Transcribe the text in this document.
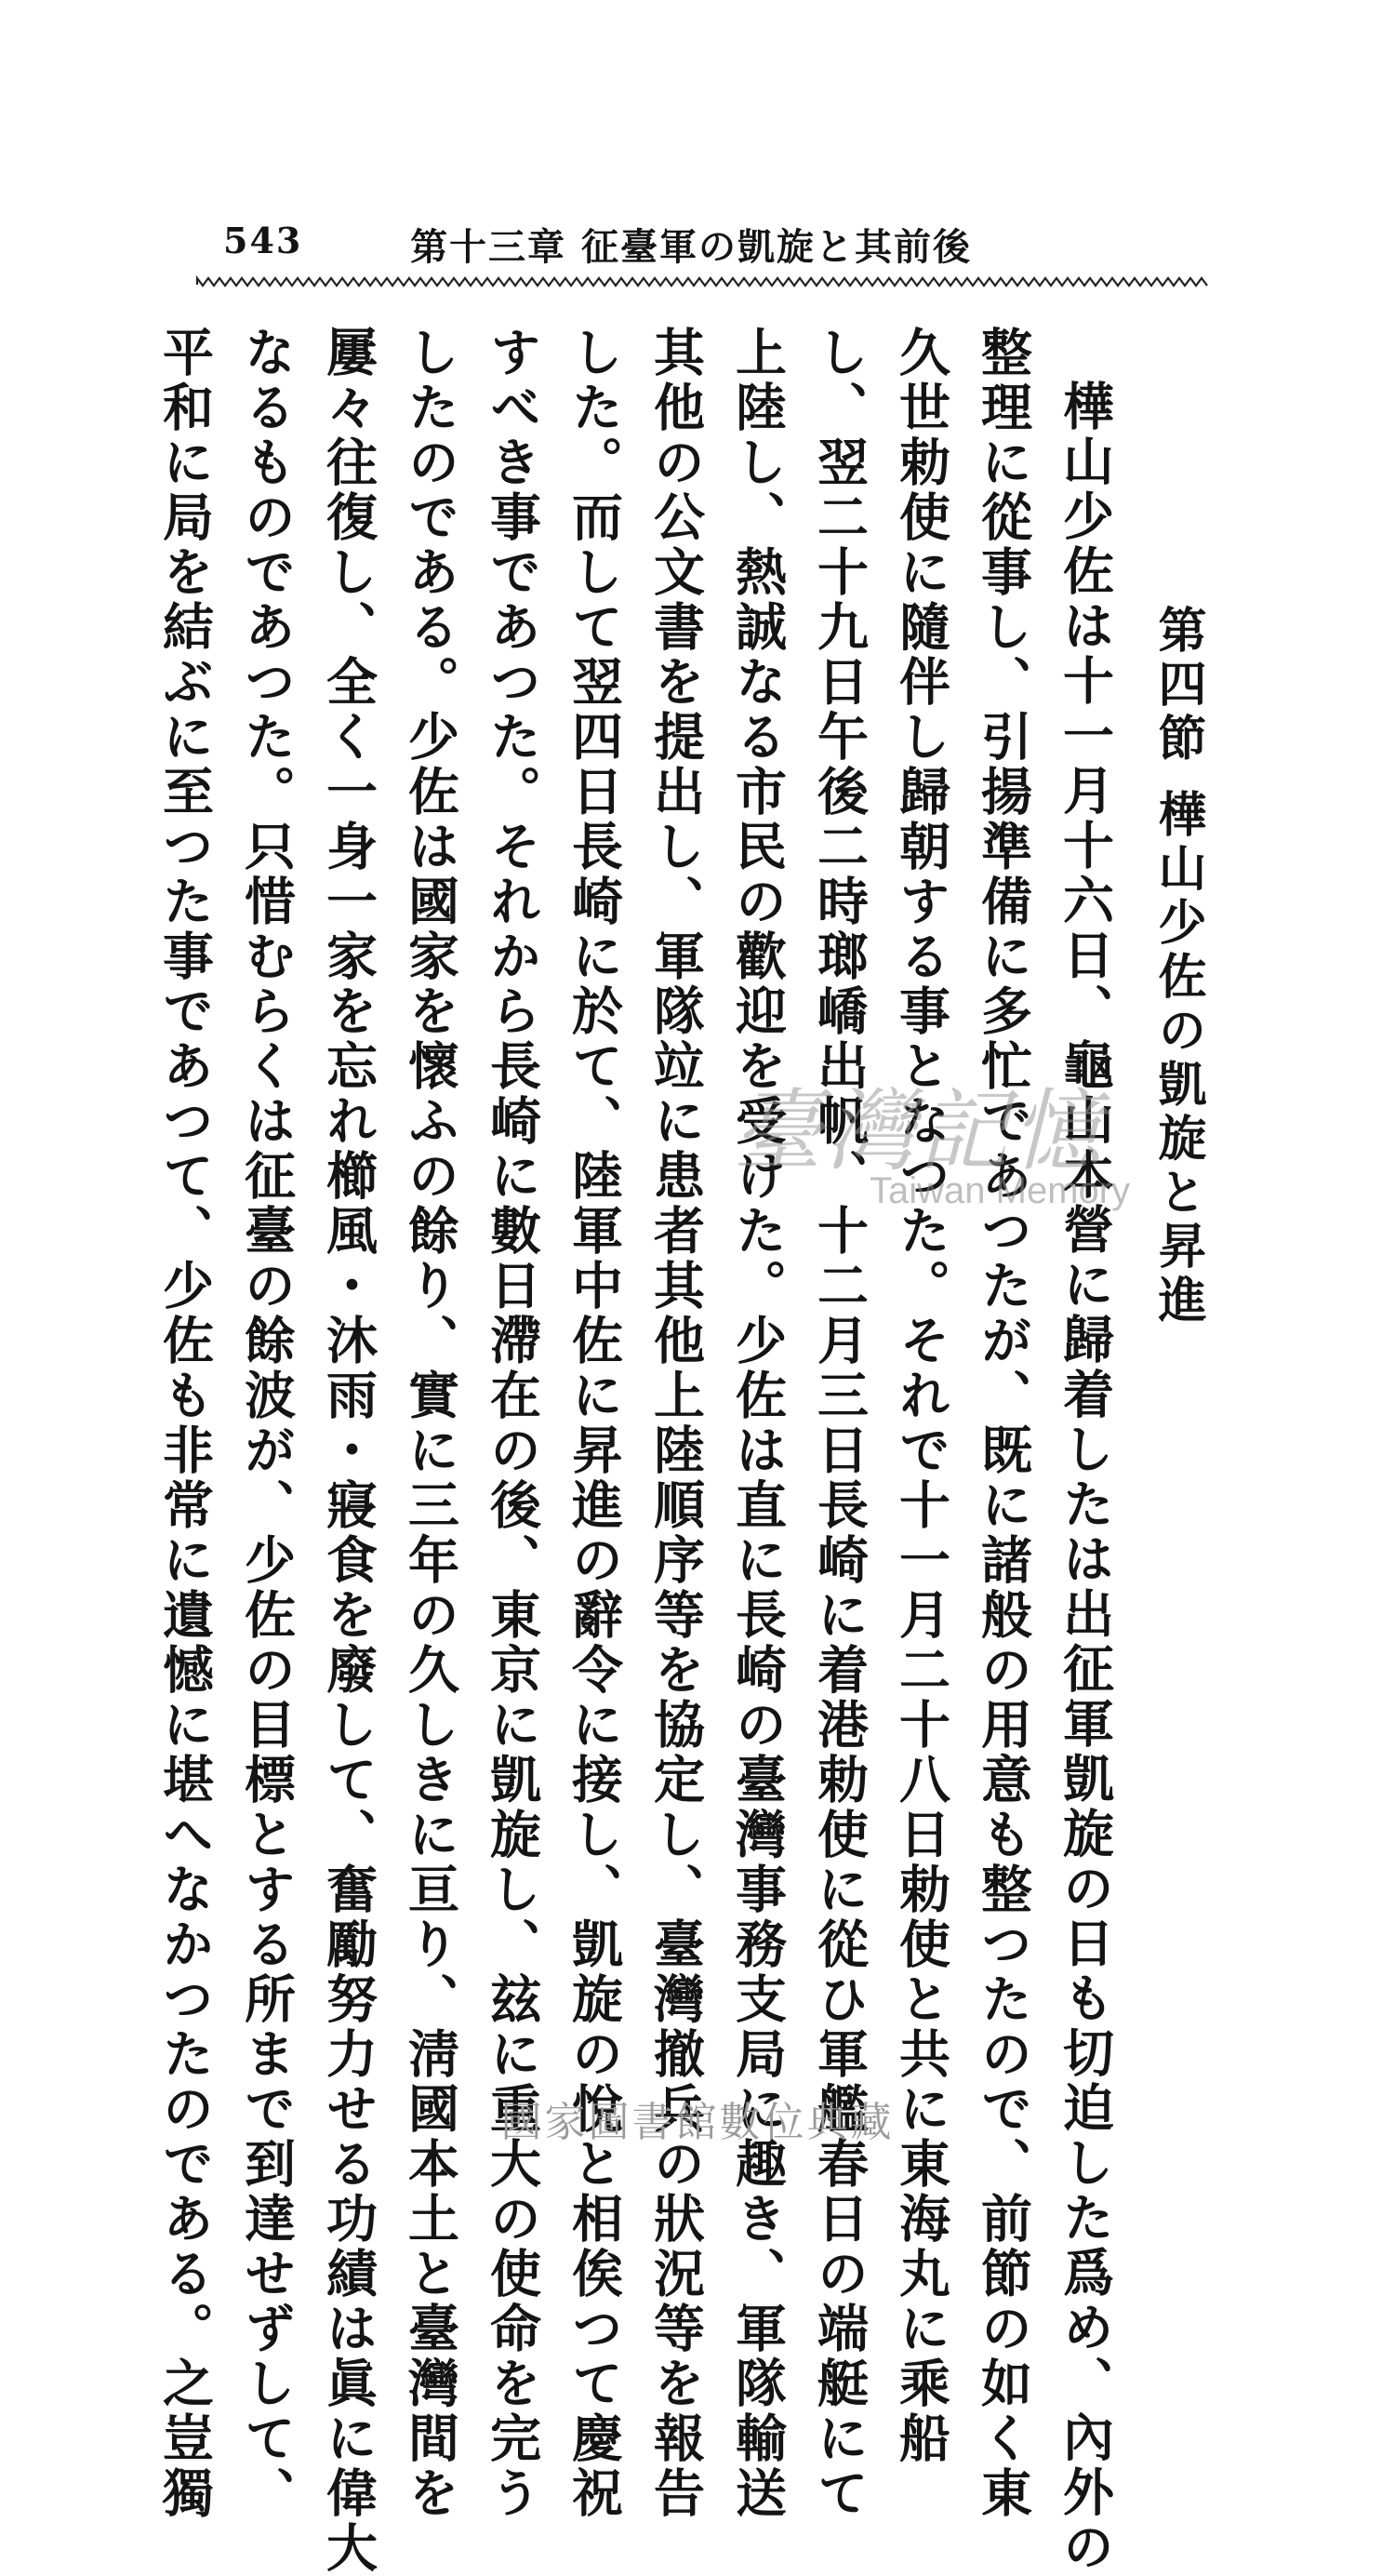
543	第十三章 征臺軍の凱旋と其前後
第四節 樺山少佐の凱旋と昇進
樺山少佐は十一月十六日、龜山本營に歸着したは出征軍凱旋の日も切迫した爲め、內外の
整理に從事し、引揚準備に多忙であつたが、既に諸般の用意も整つたので、前節の如く東
久世勅使に隨伴し歸朝する事となつた。それで十一月二十八日勅使と共に東海丸に乘船
し、翌二十九日午後二時瑯嶠出帆、十二月三日長崎に着港勅使に從ひ軍艦春日の端艇にて
上陸し、熱誠なる市民の歡迎を受けた。少佐は直に長崎の臺灣事務支局に趣き、軍隊輸送
其他の公文書を提出し、軍隊竝に患者其他上陸順序等を協定し、臺灣撤兵の狀況等を報告
した。而して翌四日長崎に於て、陸軍中佐に昇進の辭令に接し、凱旋の悅と相俟つて慶祝
すべき事であつた。それから長崎に數日滯在の後、東京に凱旋し、玆に重大の使命を完う
したのである。少佐は國家を懷ふの餘り、實に三年の久しきに亘り、淸國本土と臺灣間を
屢々往復し、全く一身一家を忘れ櫛風・沐雨・寢食を廢して、奮勵努力せる功績は眞に偉大
なるものであつた。只惜むらくは征臺の餘波が、少佐の目標とする所まで到達せずして、
平和に局を結ぶに至つた事であつて、少佐も非常に遺憾に堪へなかつたのである。之豈獨	臺灣記憶
Taiwan Memory
國家圖書館數位典藏
